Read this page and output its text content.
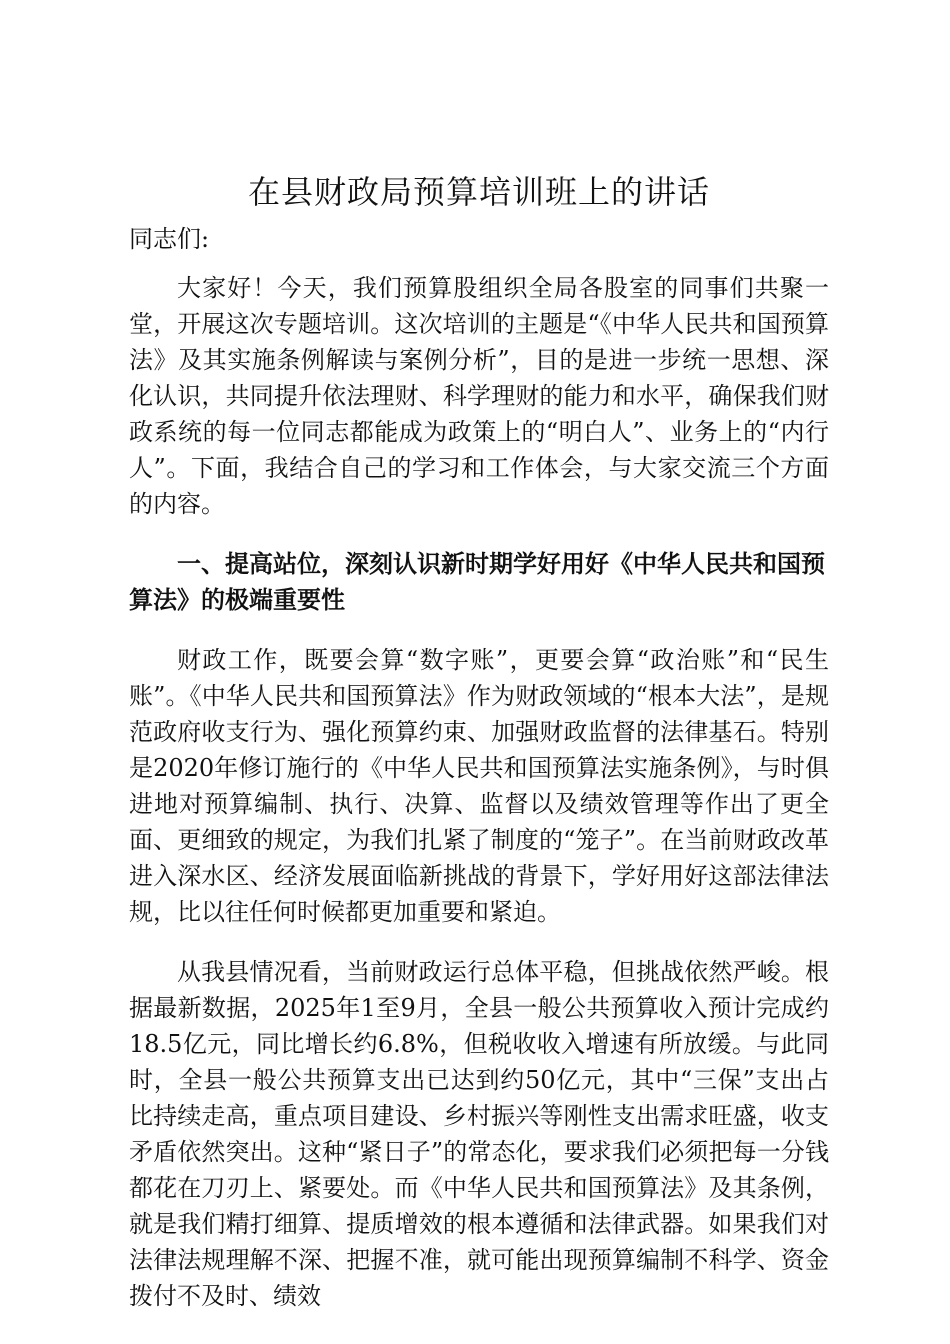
在县财政局预算培训班上的讲话

同志们:

大家好！今天，我们预算股组织全局各股室的同事们共聚一堂，开展这次专题培训。这次培训的主题是“《中华人民共和国预算法》及其实施条例解读与案例分析”，目的是进一步统一思想、深化认识，共同提升依法理财、科学理财的能力和水平，确保我们财政系统的每一位同志都能成为政策上的“明白人”、业务上的“内行人”。下面，我结合自己的学习和工作体会，与大家交流三个方面的内容。

一、提高站位，深刻认识新时期学好用好《中华人民共和国预算法》的极端重要性

财政工作，既要会算“数字账”，更要会算“政治账”和“民生账”。《中华人民共和国预算法》作为财政领域的“根本大法”，是规范政府收支行为、强化预算约束、加强财政监督的法律基石。特别是2020年修订施行的《中华人民共和国预算法实施条例》，与时俱进地对预算编制、执行、决算、监督以及绩效管理等作出了更全面、更细致的规定，为我们扎紧了制度的“笼子”。在当前财政改革进入深水区、经济发展面临新挑战的背景下，学好用好这部法律法规，比以往任何时候都更加重要和紧迫。

从我县情况看，当前财政运行总体平稳，但挑战依然严峻。根据最新数据，2025年1至9月，全县一般公共预算收入预计完成约18.5亿元，同比增长约6.8%，但税收收入增速有所放缓。与此同时，全县一般公共预算支出已达到约50亿元，其中“三保”支出占比持续走高，重点项目建设、乡村振兴等刚性支出需求旺盛，收支矛盾依然突出。这种“紧日子”的常态化，要求我们必须把每一分钱都花在刀刃上、紧要处。而《中华人民共和国预算法》及其条例，就是我们精打细算、提质增效的根本遵循和法律武器。如果我们对法律法规理解不深、把握不准，就可能出现预算编制不科学、资金拨付不及时、绩效
